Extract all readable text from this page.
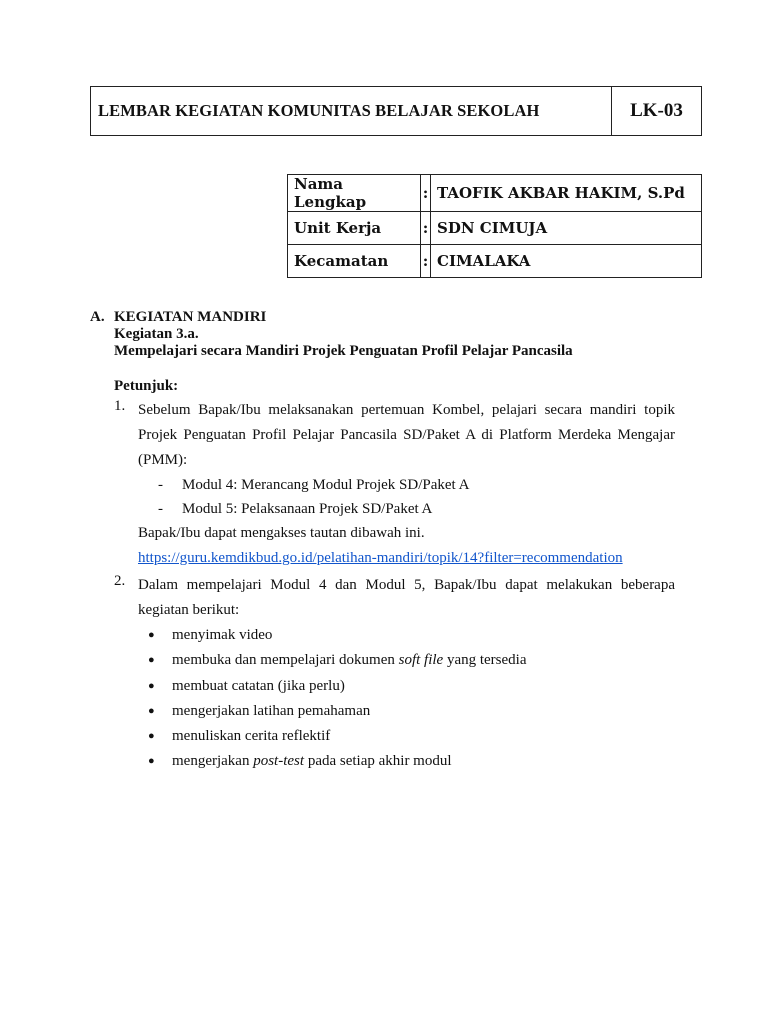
LEMBAR KEGIATAN KOMUNITAS BELAJAR SEKOLAH	LK-03
Nama Lengkap	:	TAOFIK AKBAR HAKIM, S.Pd
Unit Kerja	:	SDN CIMUJA
Kecamatan	:	CIMALAKA
A. KEGIATAN MANDIRI
Kegiatan 3.a.
Mempelajari secara Mandiri Projek Penguatan Profil Pelajar Pancasila
Petunjuk:
1. Sebelum Bapak/Ibu melaksanakan pertemuan Kombel, pelajari secara mandiri topik Projek Penguatan Profil Pelajar Pancasila SD/Paket A di Platform Merdeka Mengajar (PMM):
-	Modul 4: Merancang Modul Projek SD/Paket A
-	Modul 5: Pelaksanaan Projek SD/Paket A
Bapak/Ibu dapat mengakses tautan dibawah ini.
https://guru.kemdikbud.go.id/pelatihan-mandiri/topik/14?filter=recommendation
2. Dalam mempelajari Modul 4 dan Modul 5, Bapak/Ibu dapat melakukan beberapa kegiatan berikut:
●	menyimak video
●	membuka dan mempelajari dokumen soft file yang tersedia
●	membuat catatan (jika perlu)
●	mengerjakan latihan pemahaman
●	menuliskan cerita reflektif
●	mengerjakan post-test pada setiap akhir modul
